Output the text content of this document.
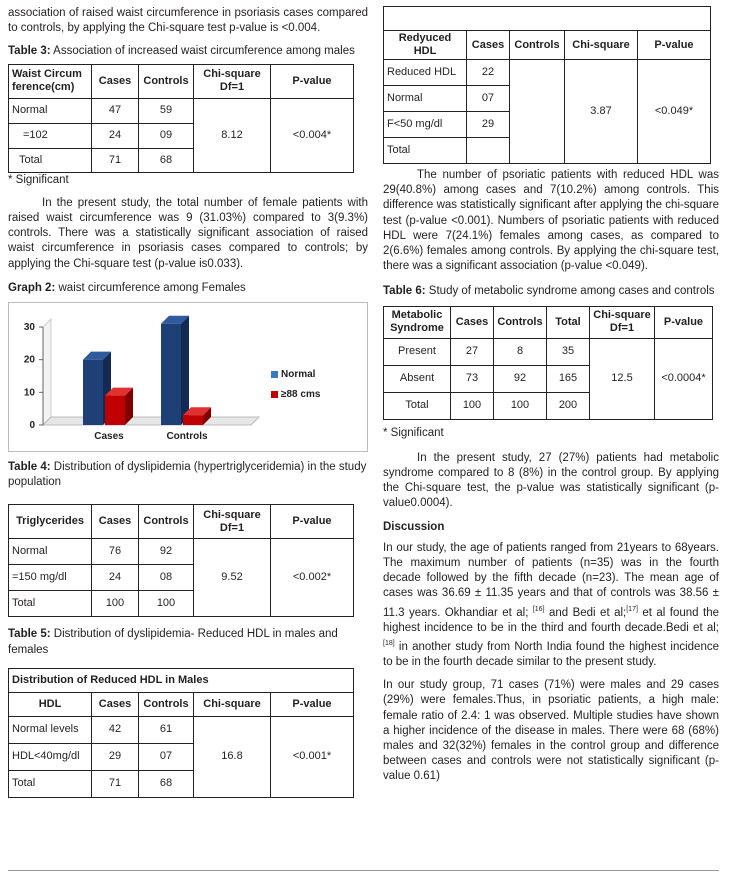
association of raised waist circumference in psoriasis cases compared to controls, by applying the Chi-square test p-value is <0.004.

Table 3: Association of increased waist circumference among males

Waist Circum ference(cm)	Cases	Controls	Chi-square Df=1	P-value
Normal	47	59	8.12	<0.004*
=102	24	09		
Total	71	68		

* Significant

In the present study, the total number of female patients with raised waist circumference was 9 (31.03%) compared to 3(9.3%) controls. There was a statistically significant association of raised waist circumference in psoriasis cases compared to controls; by applying the Chi-square test (p-value is0.033).

Graph 2: waist circumference among Females

0
10
20
30
Cases	Controls
Normal
≥88 cms

Table 4: Distribution of dyslipidemia (hypertriglyceridemia) in the study population

Triglycerides	Cases	Controls	Chi-square Df=1	P-value
Normal	76	92	9.52	<0.002*
=150 mg/dl	24	08		
Total	100	100		

Table 5: Distribution of dyslipidemia- Reduced HDL in males and females

Distribution of Reduced HDL in Males				
HDL	Cases	Controls	Chi-square	P-value
Normal levels	42	61	16.8	<0.001*
HDL<40mg/dl	29	07		
Total	71	68		

Redyuced HDL	Cases	Controls	Chi-square	P-value
Reduced HDL	22		3.87	<0.049*
Normal	07			
F<50 mg/dl	29			
Total				

The number of psoriatic patients with reduced HDL was 29(40.8%) among cases and 7(10.2%) among controls. This difference was statistically significant after applying the chi-square test (p-value <0.001). Numbers of psoriatic patients with reduced HDL were 7(24.1%) females among cases, as compared to 2(6.6%) females among controls. By applying the chi-square test, there was a significant association (p-value <0.049).

Table 6: Study of metabolic syndrome among cases and controls

Metabolic Syndrome	Cases	Controls	Total	Chi-square Df=1	P-value
Present	27	8	35	12.5	<0.0004*
Absent	73	92	165		
Total	100	100	200		

* Significant

In the present study, 27 (27%) patients had metabolic syndrome compared to 8 (8%) in the control group. By applying the Chi-square test, the p-value was statistically significant (p-value0.0004).

Discussion

In our study, the age of patients ranged from 21years to 68years. The maximum number of patients (n=35) was in the fourth decade followed by the fifth decade (n=23). The mean age of cases was 36.69 ± 11.35 years and that of controls was 38.56 ± 11.3 years. Okhandiar et al; [16] and Bedi et al;[17] et al found the highest incidence to be in the third and fourth decade.Bedi et al; [18] in another study from North India found the highest incidence to be in the fourth decade similar to the present study.

In our study group, 71 cases (71%) were males and 29 cases (29%) were females.Thus, in psoriatic patients, a high male: female ratio of 2.4: 1 was observed. Multiple studies have shown a higher incidence of the disease in males. There were 68 (68%) males and 32(32%) females in the control group and difference between cases and controls were not statistically significant (p-value 0.61)
